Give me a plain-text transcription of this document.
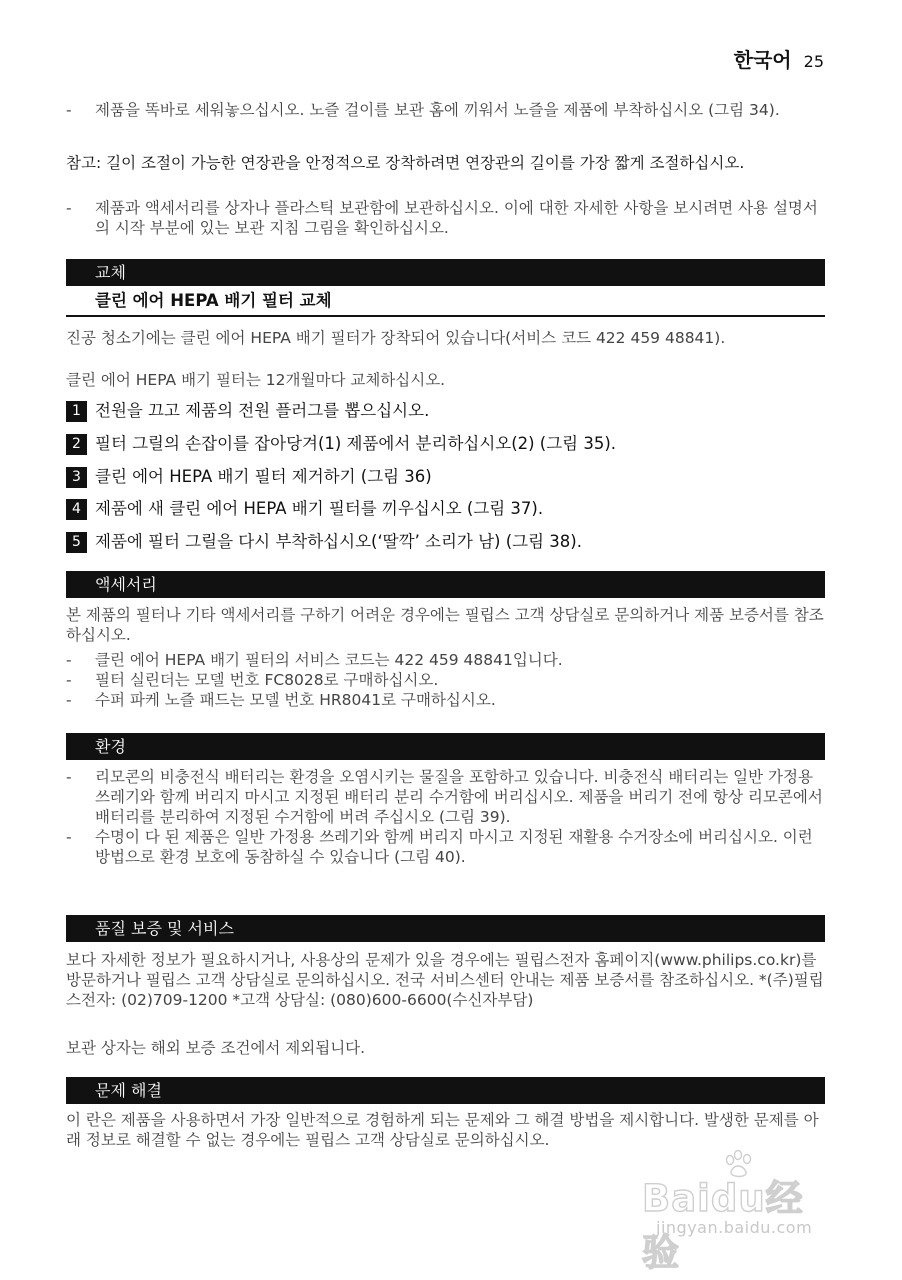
한국어 25
-	제품을 똑바로 세워놓으십시오. 노즐 걸이를 보관 홈에 끼워서 노즐을 제품에 부착하십시오 (그림 34).
참고: 길이 조절이 가능한 연장관을 안정적으로 장착하려면 연장관의 길이를 가장 짧게 조절하십시오.
-	제품과 액세서리를 상자나 플라스틱 보관함에 보관하십시오. 이에 대한 자세한 사항을 보시려면 사용 설명서의 시작 부분에 있는 보관 지침 그림을 확인하십시오.
교체
클린 에어 HEPA 배기 필터 교체
진공 청소기에는 클린 에어 HEPA 배기 필터가 장착되어 있습니다(서비스 코드 422 459 48841).
클린 에어 HEPA 배기 필터는 12개월마다 교체하십시오.
1 전원을 끄고 제품의 전원 플러그를 뽑으십시오.
2 필터 그릴의 손잡이를 잡아당겨(1) 제품에서 분리하십시오(2) (그림 35).
3 클린 에어 HEPA 배기 필터 제거하기 (그림 36)
4 제품에 새 클린 에어 HEPA 배기 필터를 끼우십시오 (그림 37).
5 제품에 필터 그릴을 다시 부착하십시오(‘딸깍’ 소리가 남) (그림 38).
액세서리
본 제품의 필터나 기타 액세서리를 구하기 어려운 경우에는 필립스 고객 상담실로 문의하거나 제품 보증서를 참조하십시오.
-	클린 에어 HEPA 배기 필터의 서비스 코드는 422 459 48841입니다.
-	필터 실린더는 모델 번호 FC8028로 구매하십시오.
-	수퍼 파케 노즐 패드는 모델 번호 HR8041로 구매하십시오.
환경
-	리모콘의 비충전식 배터리는 환경을 오염시키는 물질을 포함하고 있습니다. 비충전식 배터리는 일반 가정용 쓰레기와 함께 버리지 마시고 지정된 배터리 분리 수거함에 버리십시오. 제품을 버리기 전에 항상 리모콘에서 배터리를 분리하여 지정된 수거함에 버려 주십시오 (그림 39).
-	수명이 다 된 제품은 일반 가정용 쓰레기와 함께 버리지 마시고 지정된 재활용 수거장소에 버리십시오. 이런 방법으로 환경 보호에 동참하실 수 있습니다 (그림 40).
품질 보증 및 서비스
보다 자세한 정보가 필요하시거나, 사용상의 문제가 있을 경우에는 필립스전자 홈페이지(www.philips.co.kr)를 방문하거나 필립스 고객 상담실로 문의하십시오. 전국 서비스센터 안내는 제품 보증서를 참조하십시오. *(주)필립스전자: (02)709-1200 *고객 상담실: (080)600-6600(수신자부담)
보관 상자는 해외 보증 조건에서 제외됩니다.
문제 해결
이 란은 제품을 사용하면서 가장 일반적으로 경험하게 되는 문제와 그 해결 방법을 제시합니다. 발생한 문제를 아래 정보로 해결할 수 없는 경우에는 필립스 고객 상담실로 문의하십시오.
Baidu经验
jingyan.baidu.com
